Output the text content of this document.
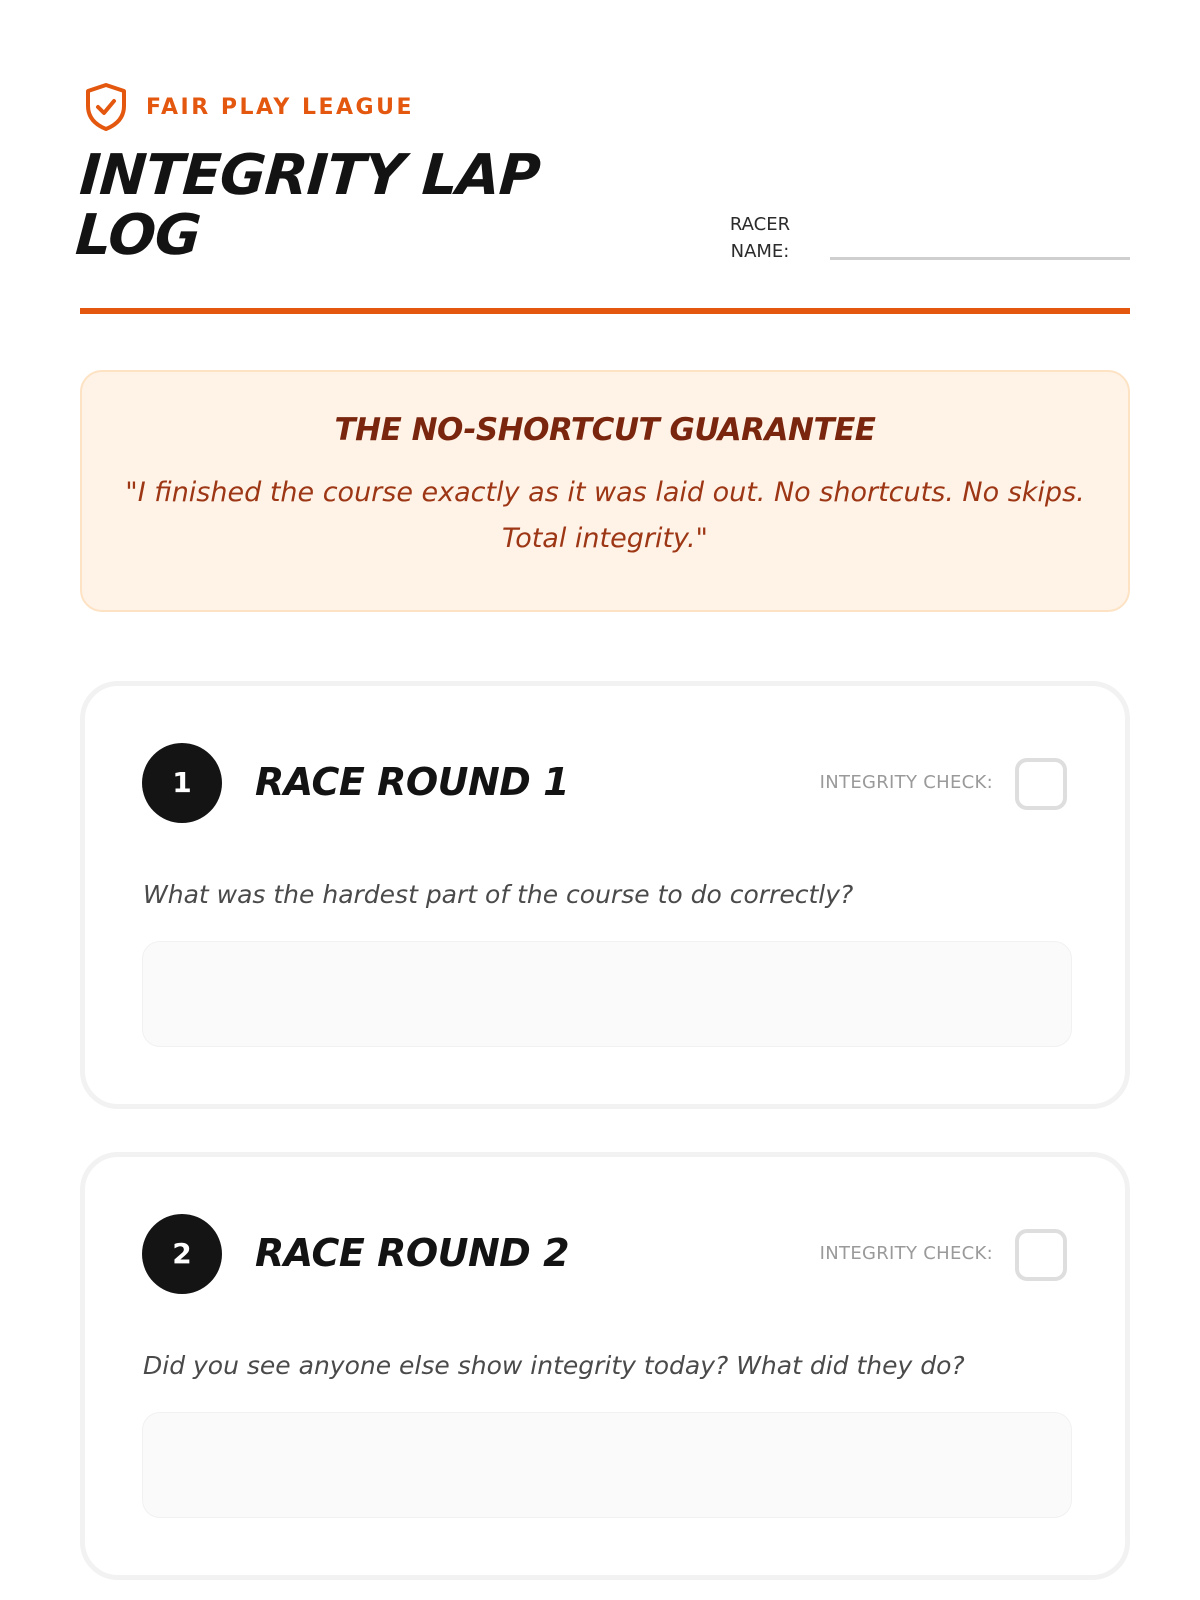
FAIR PLAY LEAGUE
INTEGRITY LAP LOG	RACER NAME:
THE NO-SHORTCUT GUARANTEE
"I finished the course exactly as it was laid out. No shortcuts. No skips. Total integrity."
1	RACE ROUND 1	INTEGRITY CHECK:
What was the hardest part of the course to do correctly?
2	RACE ROUND 2	INTEGRITY CHECK:
Did you see anyone else show integrity today? What did they do?
